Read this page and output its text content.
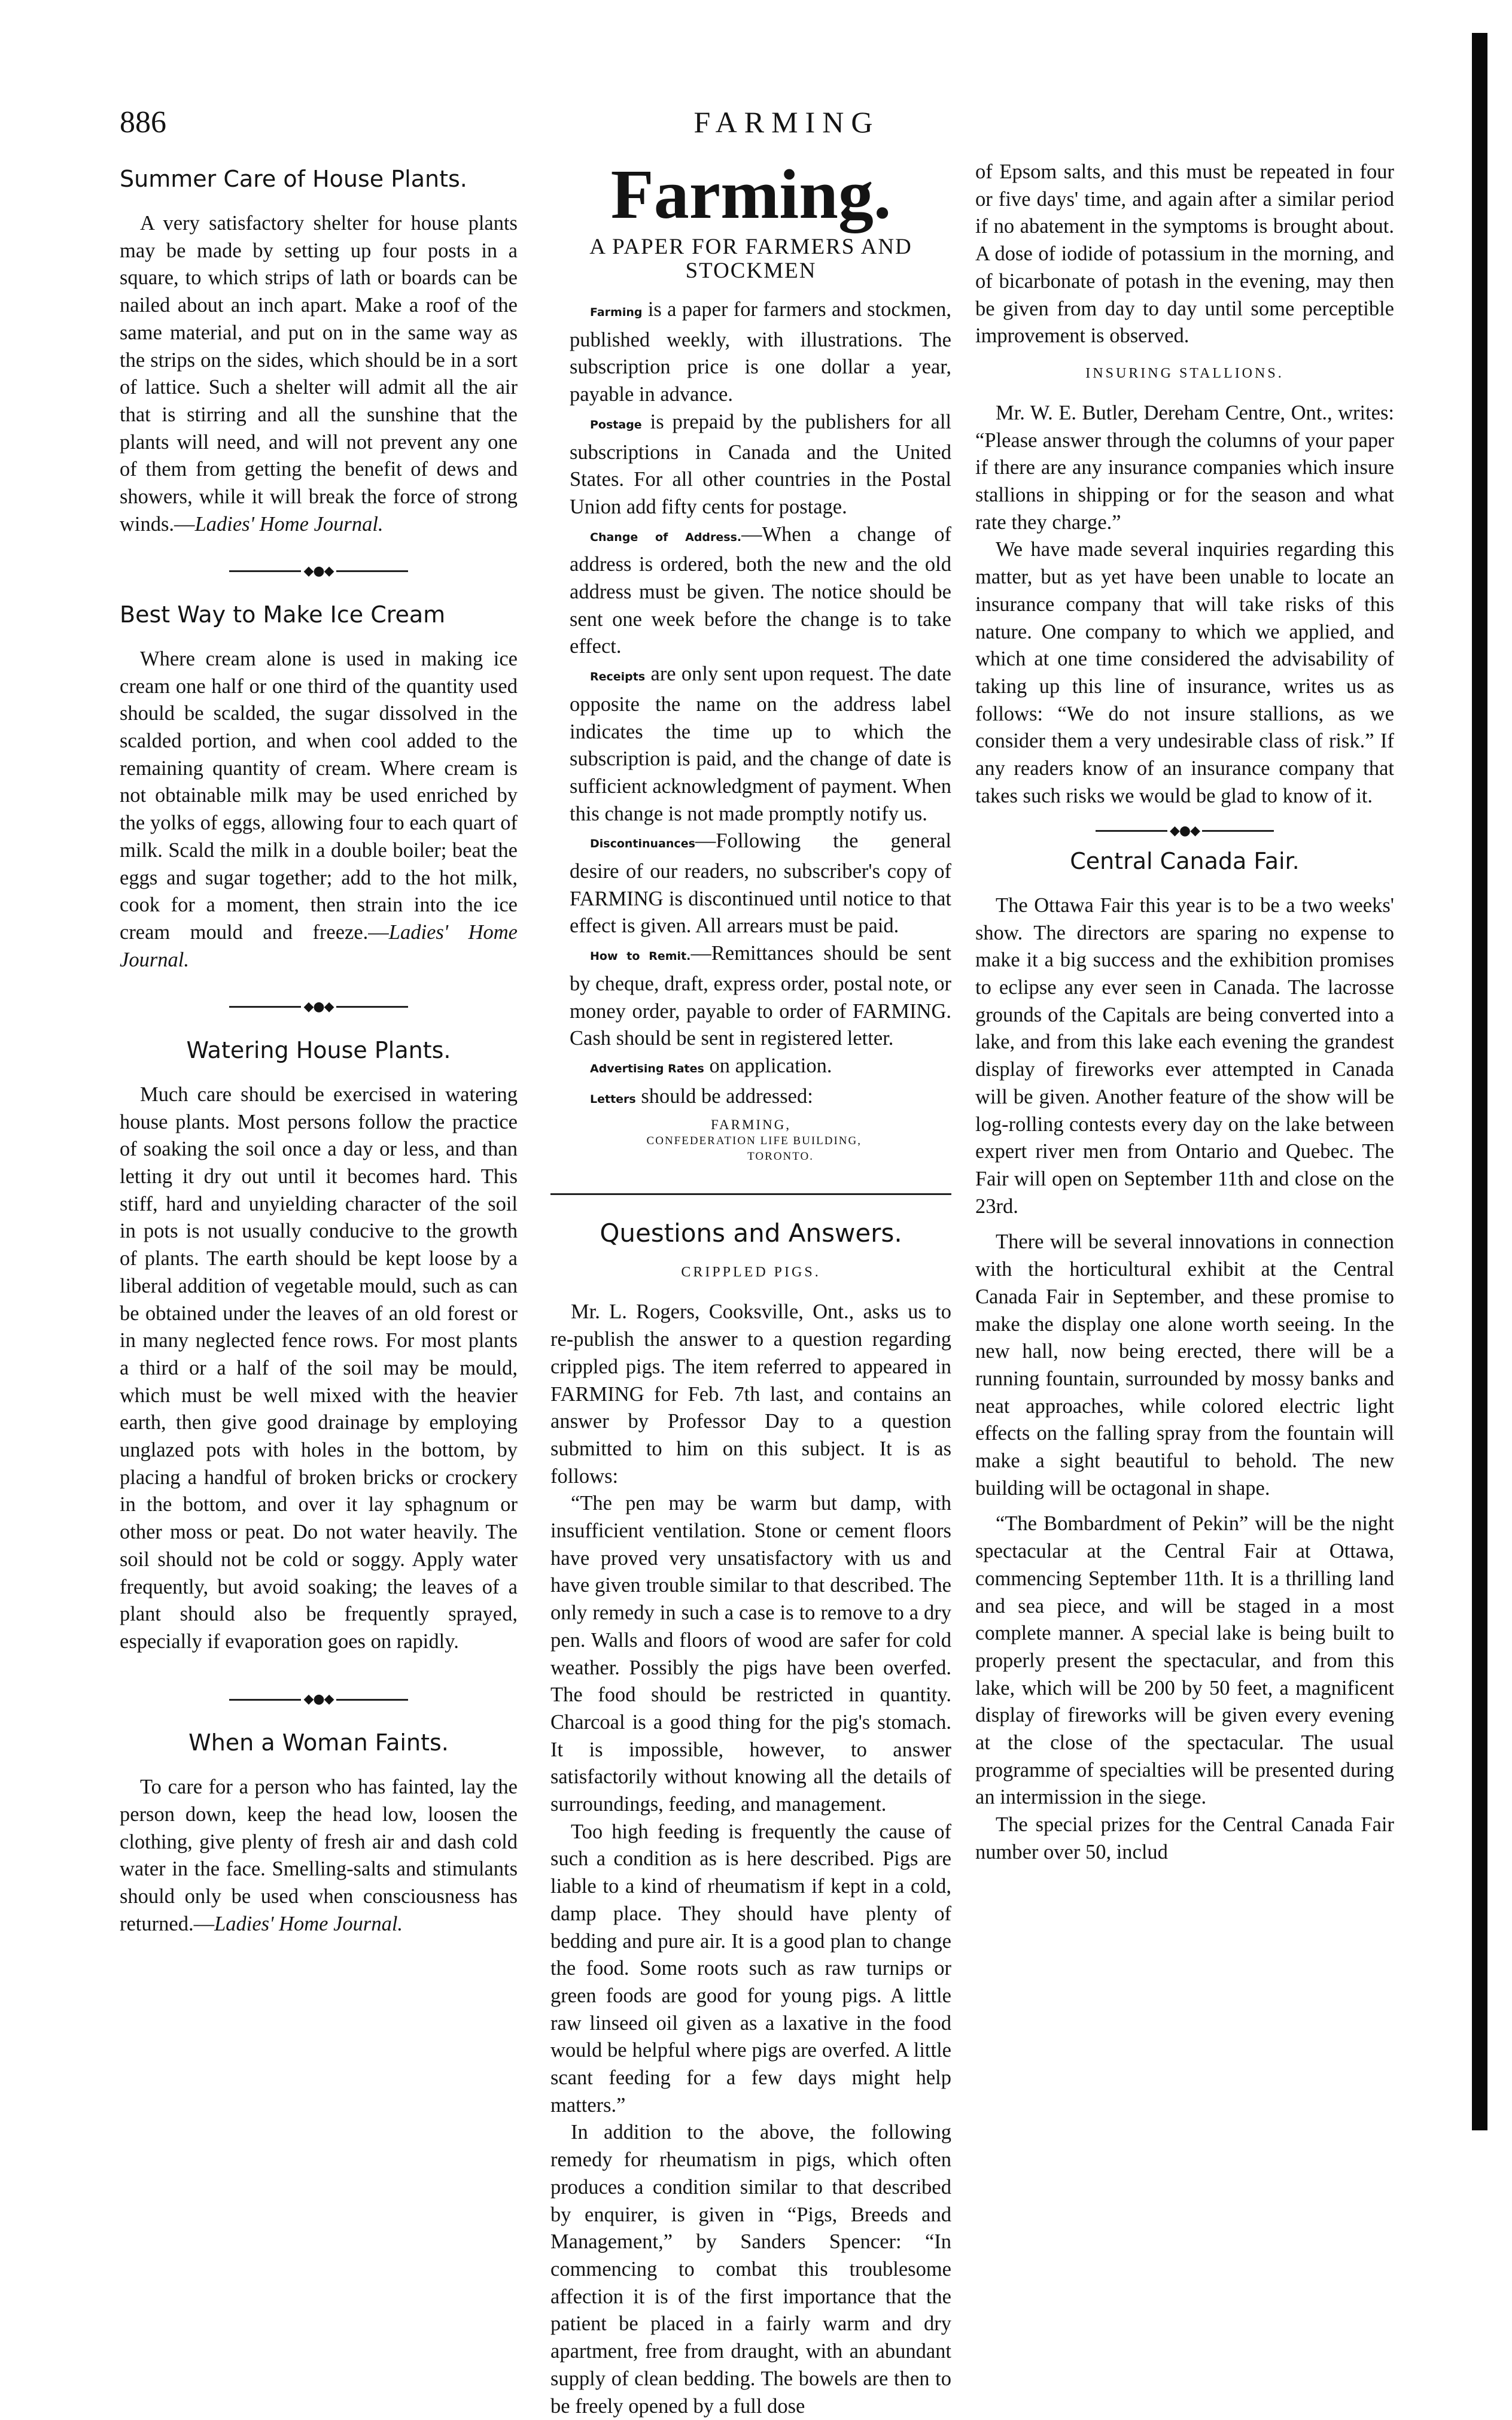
886	FARMING
Summer Care of House Plants.

A very satisfactory shelter for house plants may be made by setting up four posts in a square, to which strips of lath or boards can be nailed about an inch apart. Make a roof of the same material, and put on in the same way as the strips on the sides, which should be in a sort of lattice. Such a shelter will admit all the air that is stirring and all the sunshine that the plants will need, and will not prevent any one of them from getting the benefit of dews and showers, while it will break the force of strong winds.—Ladies' Home Journal.

◆●◆
Best Way to Make Ice Cream

Where cream alone is used in making ice cream one half or one third of the quantity used should be scalded, the sugar dissolved in the scalded portion, and when cool added to the remaining quantity of cream. Where cream is not obtainable milk may be used enriched by the yolks of eggs, allowing four to each quart of milk. Scald the milk in a double boiler; beat the eggs and sugar together; add to the hot milk, cook for a moment, then strain into the ice cream mould and freeze.—Ladies' Home Journal.

◆●◆
Watering House Plants.

Much care should be exercised in watering house plants. Most persons follow the practice of soaking the soil once a day or less, and than letting it dry out until it becomes hard. This stiff, hard and unyielding character of the soil in pots is not usually conducive to the growth of plants. The earth should be kept loose by a liberal addition of vegetable mould, such as can be obtained under the leaves of an old forest or in many neglected fence rows. For most plants a third or a half of the soil may be mould, which must be well mixed with the heavier earth, then give good drainage by employing unglazed pots with holes in the bottom, by placing a handful of broken bricks or crockery in the bottom, and over it lay sphagnum or other moss or peat. Do not water heavily. The soil should not be cold or soggy. Apply water frequently, but avoid soaking; the leaves of a plant should also be frequently sprayed, especially if evaporation goes on rapidly.

◆●◆
When a Woman Faints.

To care for a person who has fainted, lay the person down, keep the head low, loosen the clothing, give plenty of fresh air and dash cold water in the face. Smelling-salts and stimulants should only be used when consciousness has returned.—Ladies' Home Journal.

Farming.
A PAPER FOR FARMERS AND STOCKMEN

Farming is a paper for farmers and stockmen, published weekly, with illustrations. The subscription price is one dollar a year, payable in advance.

Postage is prepaid by the publishers for all subscriptions in Canada and the United States. For all other countries in the Postal Union add fifty cents for postage.

Change of Address.—When a change of address is ordered, both the new and the old address must be given. The notice should be sent one week before the change is to take effect.

Receipts are only sent upon request. The date opposite the name on the address label indicates the time up to which the subscription is paid, and the change of date is sufficient acknowledgment of payment. When this change is not made promptly notify us.

Discontinuances—Following the general desire of our readers, no subscriber's copy of FARMING is discontinued until notice to that effect is given. All arrears must be paid.

How to Remit.—Remittances should be sent by cheque, draft, express order, postal note, or money order, payable to order of FARMING. Cash should be sent in registered letter.

Advertising Rates on application.

Letters should be addressed:

FARMING,
CONFEDERATION LIFE BUILDING,
TORONTO.
Questions and Answers.
CRIPPLED PIGS.

Mr. L. Rogers, Cooksville, Ont., asks us to re-publish the answer to a question regarding crippled pigs. The item referred to appeared in FARMING for Feb. 7th last, and contains an answer by Professor Day to a question submitted to him on this subject. It is as follows:

“The pen may be warm but damp, with insufficient ventilation. Stone or cement floors have proved very unsatisfactory with us and have given trouble similar to that described. The only remedy in such a case is to remove to a dry pen. Walls and floors of wood are safer for cold weather. Possibly the pigs have been overfed. The food should be restricted in quantity. Charcoal is a good thing for the pig's stomach. It is impossible, however, to answer satisfactorily without knowing all the details of surroundings, feeding, and management.

Too high feeding is frequently the cause of such a condition as is here described. Pigs are liable to a kind of rheumatism if kept in a cold, damp place. They should have plenty of bedding and pure air. It is a good plan to change the food. Some roots such as raw turnips or green foods are good for young pigs. A little raw linseed oil given as a laxative in the food would be helpful where pigs are overfed. A little scant feeding for a few days might help matters.”

In addition to the above, the following remedy for rheumatism in pigs, which often produces a condition similar to that described by enquirer, is given in “Pigs, Breeds and Management,” by Sanders Spencer: “In commencing to combat this troublesome affection it is of the first importance that the patient be placed in a fairly warm and dry apartment, free from draught, with an abundant supply of clean bedding. The bowels are then to be freely opened by a full dose

of Epsom salts, and this must be repeated in four or five days' time, and again after a similar period if no abatement in the symptoms is brought about. A dose of iodide of potassium in the morning, and of bicarbonate of potash in the evening, may then be given from day to day until some perceptible improvement is observed.

INSURING STALLIONS.

Mr. W. E. Butler, Dereham Centre, Ont., writes: “Please answer through the columns of your paper if there are any insurance companies which insure stallions in shipping or for the season and what rate they charge.”

We have made several inquiries regarding this matter, but as yet have been unable to locate an insurance company that will take risks of this nature. One company to which we applied, and which at one time considered the advisability of taking up this line of insurance, writes us as follows: “We do not insure stallions, as we consider them a very undesirable class of risk.” If any readers know of an insurance company that takes such risks we would be glad to know of it.

◆●◆
Central Canada Fair.

The Ottawa Fair this year is to be a two weeks' show. The directors are sparing no expense to make it a big success and the exhibition promises to eclipse any ever seen in Canada. The lacrosse grounds of the Capitals are being converted into a lake, and from this lake each evening the grandest display of fireworks ever attempted in Canada will be given. Another feature of the show will be log-rolling contests every day on the lake between expert river men from Ontario and Quebec. The Fair will open on September 11th and close on the 23rd.

There will be several innovations in connection with the horticultural exhibit at the Central Canada Fair in September, and these promise to make the display one alone worth seeing. In the new hall, now being erected, there will be a running fountain, surrounded by mossy banks and neat approaches, while colored electric light effects on the falling spray from the fountain will make a sight beautiful to behold. The new building will be octagonal in shape.

“The Bombardment of Pekin” will be the night spectacular at the Central Fair at Ottawa, commencing September 11th. It is a thrilling land and sea piece, and will be staged in a most complete manner. A special lake is being built to properly present the spectacular, and from this lake, which will be 200 by 50 feet, a magnificent display of fireworks will be given every evening at the close of the spectacular. The usual programme of specialties will be presented during an intermission in the siege.

The special prizes for the Central Canada Fair number over 50, includ
